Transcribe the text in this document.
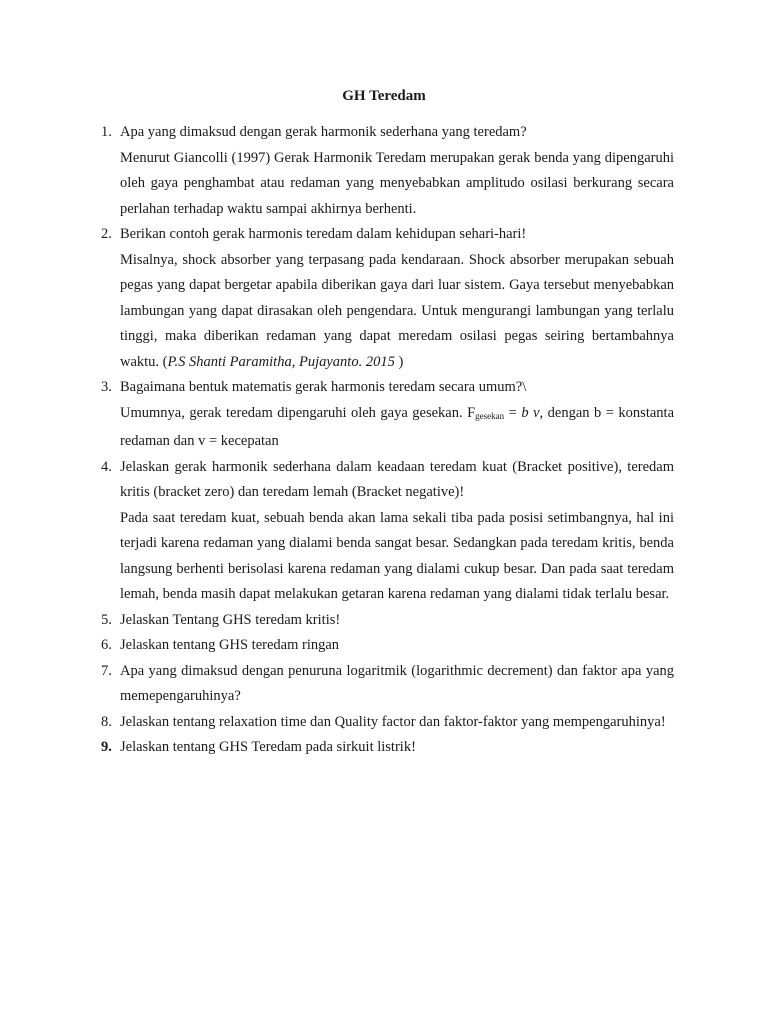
GH Teredam
1. Apa yang dimaksud dengan gerak harmonik sederhana yang teredam?
Menurut Giancolli (1997) Gerak Harmonik Teredam merupakan gerak benda yang dipengaruhi oleh gaya penghambat atau redaman yang menyebabkan amplitudo osilasi berkurang secara perlahan terhadap waktu sampai akhirnya berhenti.
2. Berikan contoh gerak harmonis teredam dalam kehidupan sehari-hari!
Misalnya, shock absorber yang terpasang pada kendaraan. Shock absorber merupakan sebuah pegas yang dapat bergetar apabila diberikan gaya dari luar sistem. Gaya tersebut menyebabkan lambungan yang dapat dirasakan oleh pengendara. Untuk mengurangi lambungan yang terlalu tinggi, maka diberikan redaman yang dapat meredam osilasi pegas seiring bertambahnya waktu. (P.S Shanti Paramitha, Pujayanto. 2015 )
3. Bagaimana bentuk matematis gerak harmonis teredam secara umum?\
Umumnya, gerak teredam dipengaruhi oleh gaya gesekan. $F_{gesekan} = b$ v, dengan b = konstanta redaman dan v = kecepatan
4. Jelaskan gerak harmonik sederhana dalam keadaan teredam kuat (Bracket positive), teredam kritis (bracket zero) dan teredam lemah (Bracket negative)!
Pada saat teredam kuat, sebuah benda akan lama sekali tiba pada posisi setimbangnya, hal ini terjadi karena redaman yang dialami benda sangat besar. Sedangkan pada teredam kritis, benda langsung berhenti berisolasi karena redaman yang dialami cukup besar. Dan pada saat teredam lemah, benda masih dapat melakukan getaran karena redaman yang dialami tidak terlalu besar.
5. Jelaskan Tentang GHS teredam kritis!
6. Jelaskan tentang GHS teredam ringan
7. Apa yang dimaksud dengan penuruna logaritmik (logarithmic decrement) dan faktor apa yang memepengaruhinya?
8. Jelaskan tentang relaxation time dan Quality factor dan faktor-faktor yang mempengaruhinya!
9. Jelaskan tentang GHS Teredam pada sirkuit listrik!
